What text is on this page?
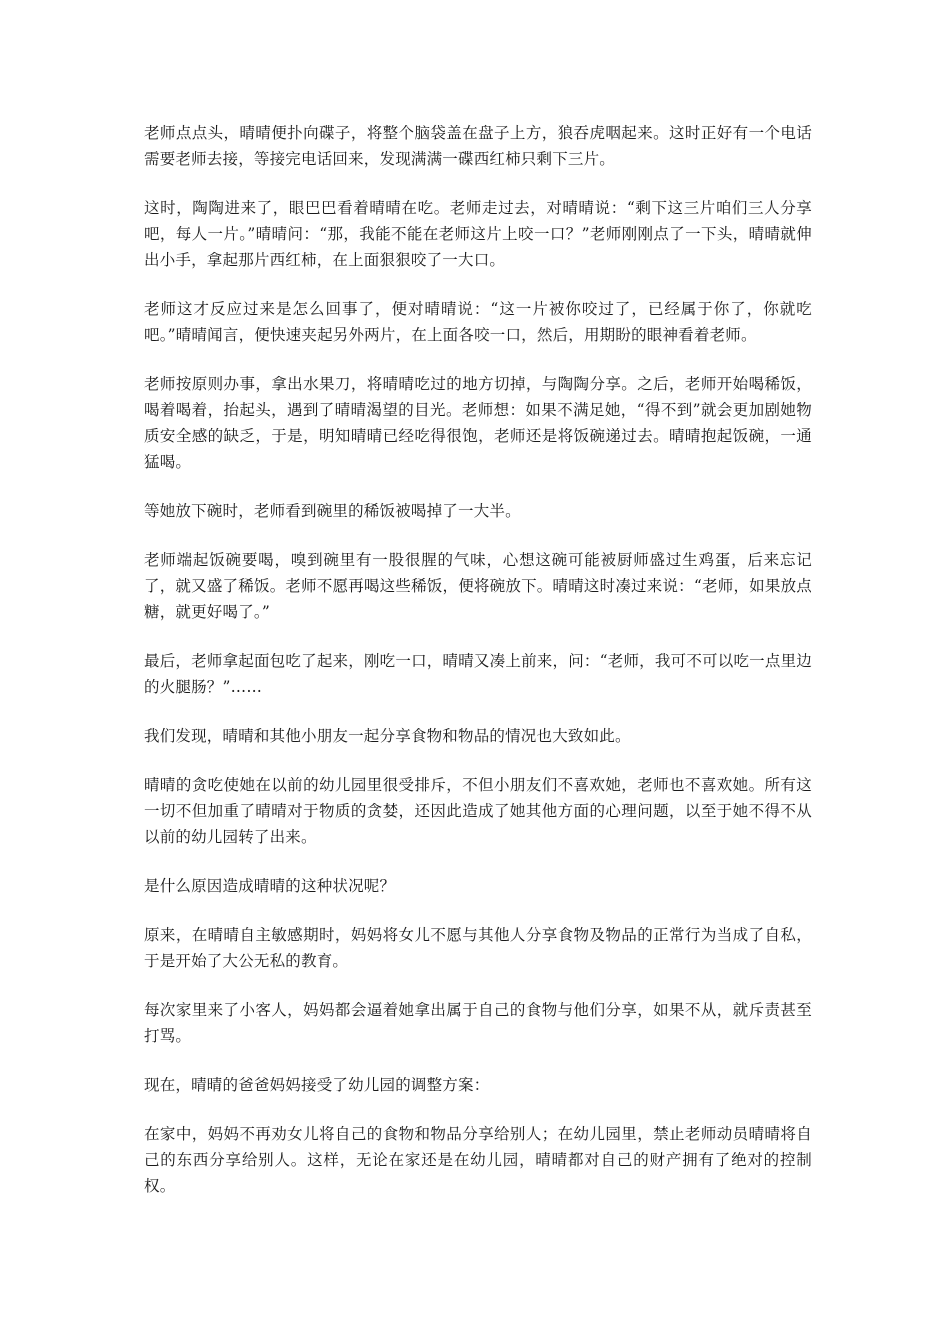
老师点点头，晴晴便扑向碟子，将整个脑袋盖在盘子上方，狼吞虎咽起来。这时正好有一个电话需要老师去接，等接完电话回来，发现满满一碟西红柿只剩下三片。

这时，陶陶进来了，眼巴巴看着晴晴在吃。老师走过去，对晴晴说：“剩下这三片咱们三人分享吧，每人一片。”晴晴问：“那，我能不能在老师这片上咬一口？”老师刚刚点了一下头，晴晴就伸出小手，拿起那片西红柿，在上面狠狠咬了一大口。

老师这才反应过来是怎么回事了，便对晴晴说：“这一片被你咬过了，已经属于你了，你就吃吧。”晴晴闻言，便快速夹起另外两片，在上面各咬一口，然后，用期盼的眼神看着老师。

老师按原则办事，拿出水果刀，将晴晴吃过的地方切掉，与陶陶分享。之后，老师开始喝稀饭，喝着喝着，抬起头，遇到了晴晴渴望的目光。老师想：如果不满足她，“得不到”就会更加剧她物质安全感的缺乏，于是，明知晴晴已经吃得很饱，老师还是将饭碗递过去。晴晴抱起饭碗，一通猛喝。

等她放下碗时，老师看到碗里的稀饭被喝掉了一大半。

老师端起饭碗要喝，嗅到碗里有一股很腥的气味，心想这碗可能被厨师盛过生鸡蛋，后来忘记了，就又盛了稀饭。老师不愿再喝这些稀饭，便将碗放下。晴晴这时凑过来说：“老师，如果放点糖，就更好喝了。”

最后，老师拿起面包吃了起来，刚吃一口，晴晴又凑上前来，问：“老师，我可不可以吃一点里边的火腿肠？”……

我们发现，晴晴和其他小朋友一起分享食物和物品的情况也大致如此。

晴晴的贪吃使她在以前的幼儿园里很受排斥，不但小朋友们不喜欢她，老师也不喜欢她。所有这一切不但加重了晴晴对于物质的贪婪，还因此造成了她其他方面的心理问题，以至于她不得不从以前的幼儿园转了出来。

是什么原因造成晴晴的这种状况呢？

原来，在晴晴自主敏感期时，妈妈将女儿不愿与其他人分享食物及物品的正常行为当成了自私，于是开始了大公无私的教育。

每次家里来了小客人，妈妈都会逼着她拿出属于自己的食物与他们分享，如果不从，就斥责甚至打骂。

现在，晴晴的爸爸妈妈接受了幼儿园的调整方案：

在家中，妈妈不再劝女儿将自己的食物和物品分享给别人；在幼儿园里，禁止老师动员晴晴将自己的东西分享给别人。这样，无论在家还是在幼儿园，晴晴都对自己的财产拥有了绝对的控制权。
